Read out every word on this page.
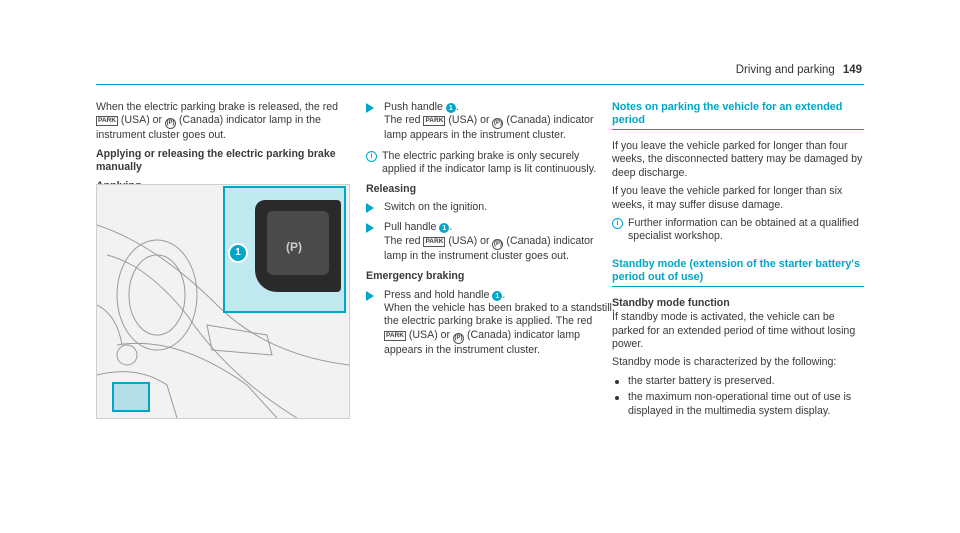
Driving and parking 149

When the electric parking brake is released, the red PARK (USA) or (P) (Canada) indicator lamp in the instrument cluster goes out.

Applying or releasing the electric parking brake manually

(P)
1
Push handle 1 .
The red PARK (USA) or (P) (Canada) indicator lamp appears in the instrument cluster.
i The electric parking brake is only securely applied if the indicator lamp is lit continuously.
Releasing
Switch on the ignition.
Pull handle 1 .
The red PARK (USA) or (P) (Canada) indicator lamp in the instrument cluster goes out.
Emergency braking
Press and hold handle 1 .
When the vehicle has been braked to a standstill, the electric parking brake is applied. The red PARK (USA) or (P) (Canada) indicator lamp appears in the instrument cluster.
Notes on parking the vehicle for an extended period

If you leave the vehicle parked for longer than four weeks, the disconnected battery may be damaged by deep discharge.

If you leave the vehicle parked for longer than six weeks, it may suffer disuse damage.

i Further information can be obtained at a qualified specialist workshop.
Standby mode (extension of the starter battery's period out of use)

Standby mode function

If standby mode is activated, the vehicle can be parked for an extended period of time without losing power.

Standby mode is characterized by the following:

the starter battery is preserved.
the maximum non-operational time out of use is displayed in the multimedia system display.
